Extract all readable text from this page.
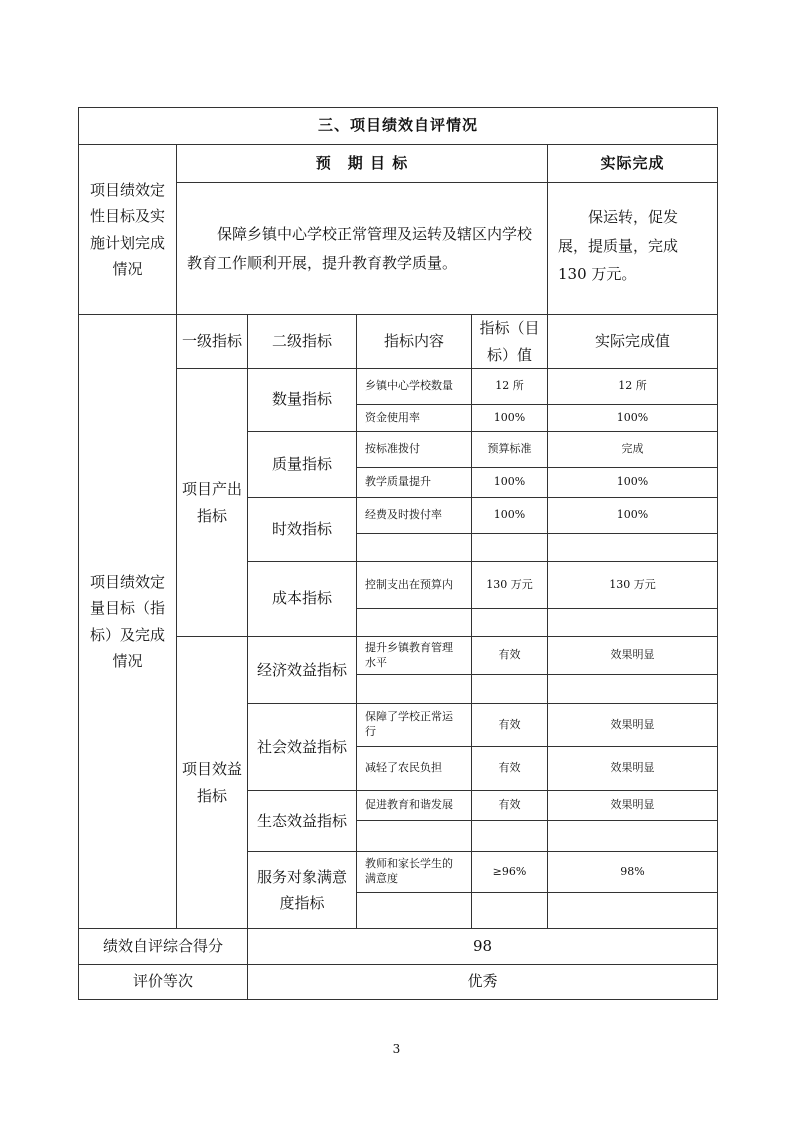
三、项目绩效自评情况					
项目绩效定性目标及实施计划完成情况	预　期 目 标				实际完成
	　　保障乡镇中心学校正常管理及运转及辖区内学校教育工作顺利开展，提升教育教学质量。				　　保运转，促发展，提质量，完成 130 万元。
项目绩效定量目标（指标）及完成情况	一级指标	二级指标	指标内容	指标（目标）值	实际完成值
	项目产出指标	数量指标	乡镇中心学校数量	12 所	12 所
			资金使用率	100%	100%
		质量指标	按标准拨付	预算标准	完成
			教学质量提升	100%	100%
		时效指标	经费及时拨付率	100%	100%

		成本指标	控制支出在预算内	130 万元	130 万元

	项目效益指标	经济效益指标	提升乡镇教育管理水平	有效	效果明显

		社会效益指标	保障了学校正常运行	有效	效果明显
			减轻了农民负担	有效	效果明显
		生态效益指标	促进教育和谐发展	有效	效果明显

		服务对象满意度指标	教师和家长学生的满意度	≥96%	98%

绩效自评综合得分		98			
评价等次		优秀			
3
